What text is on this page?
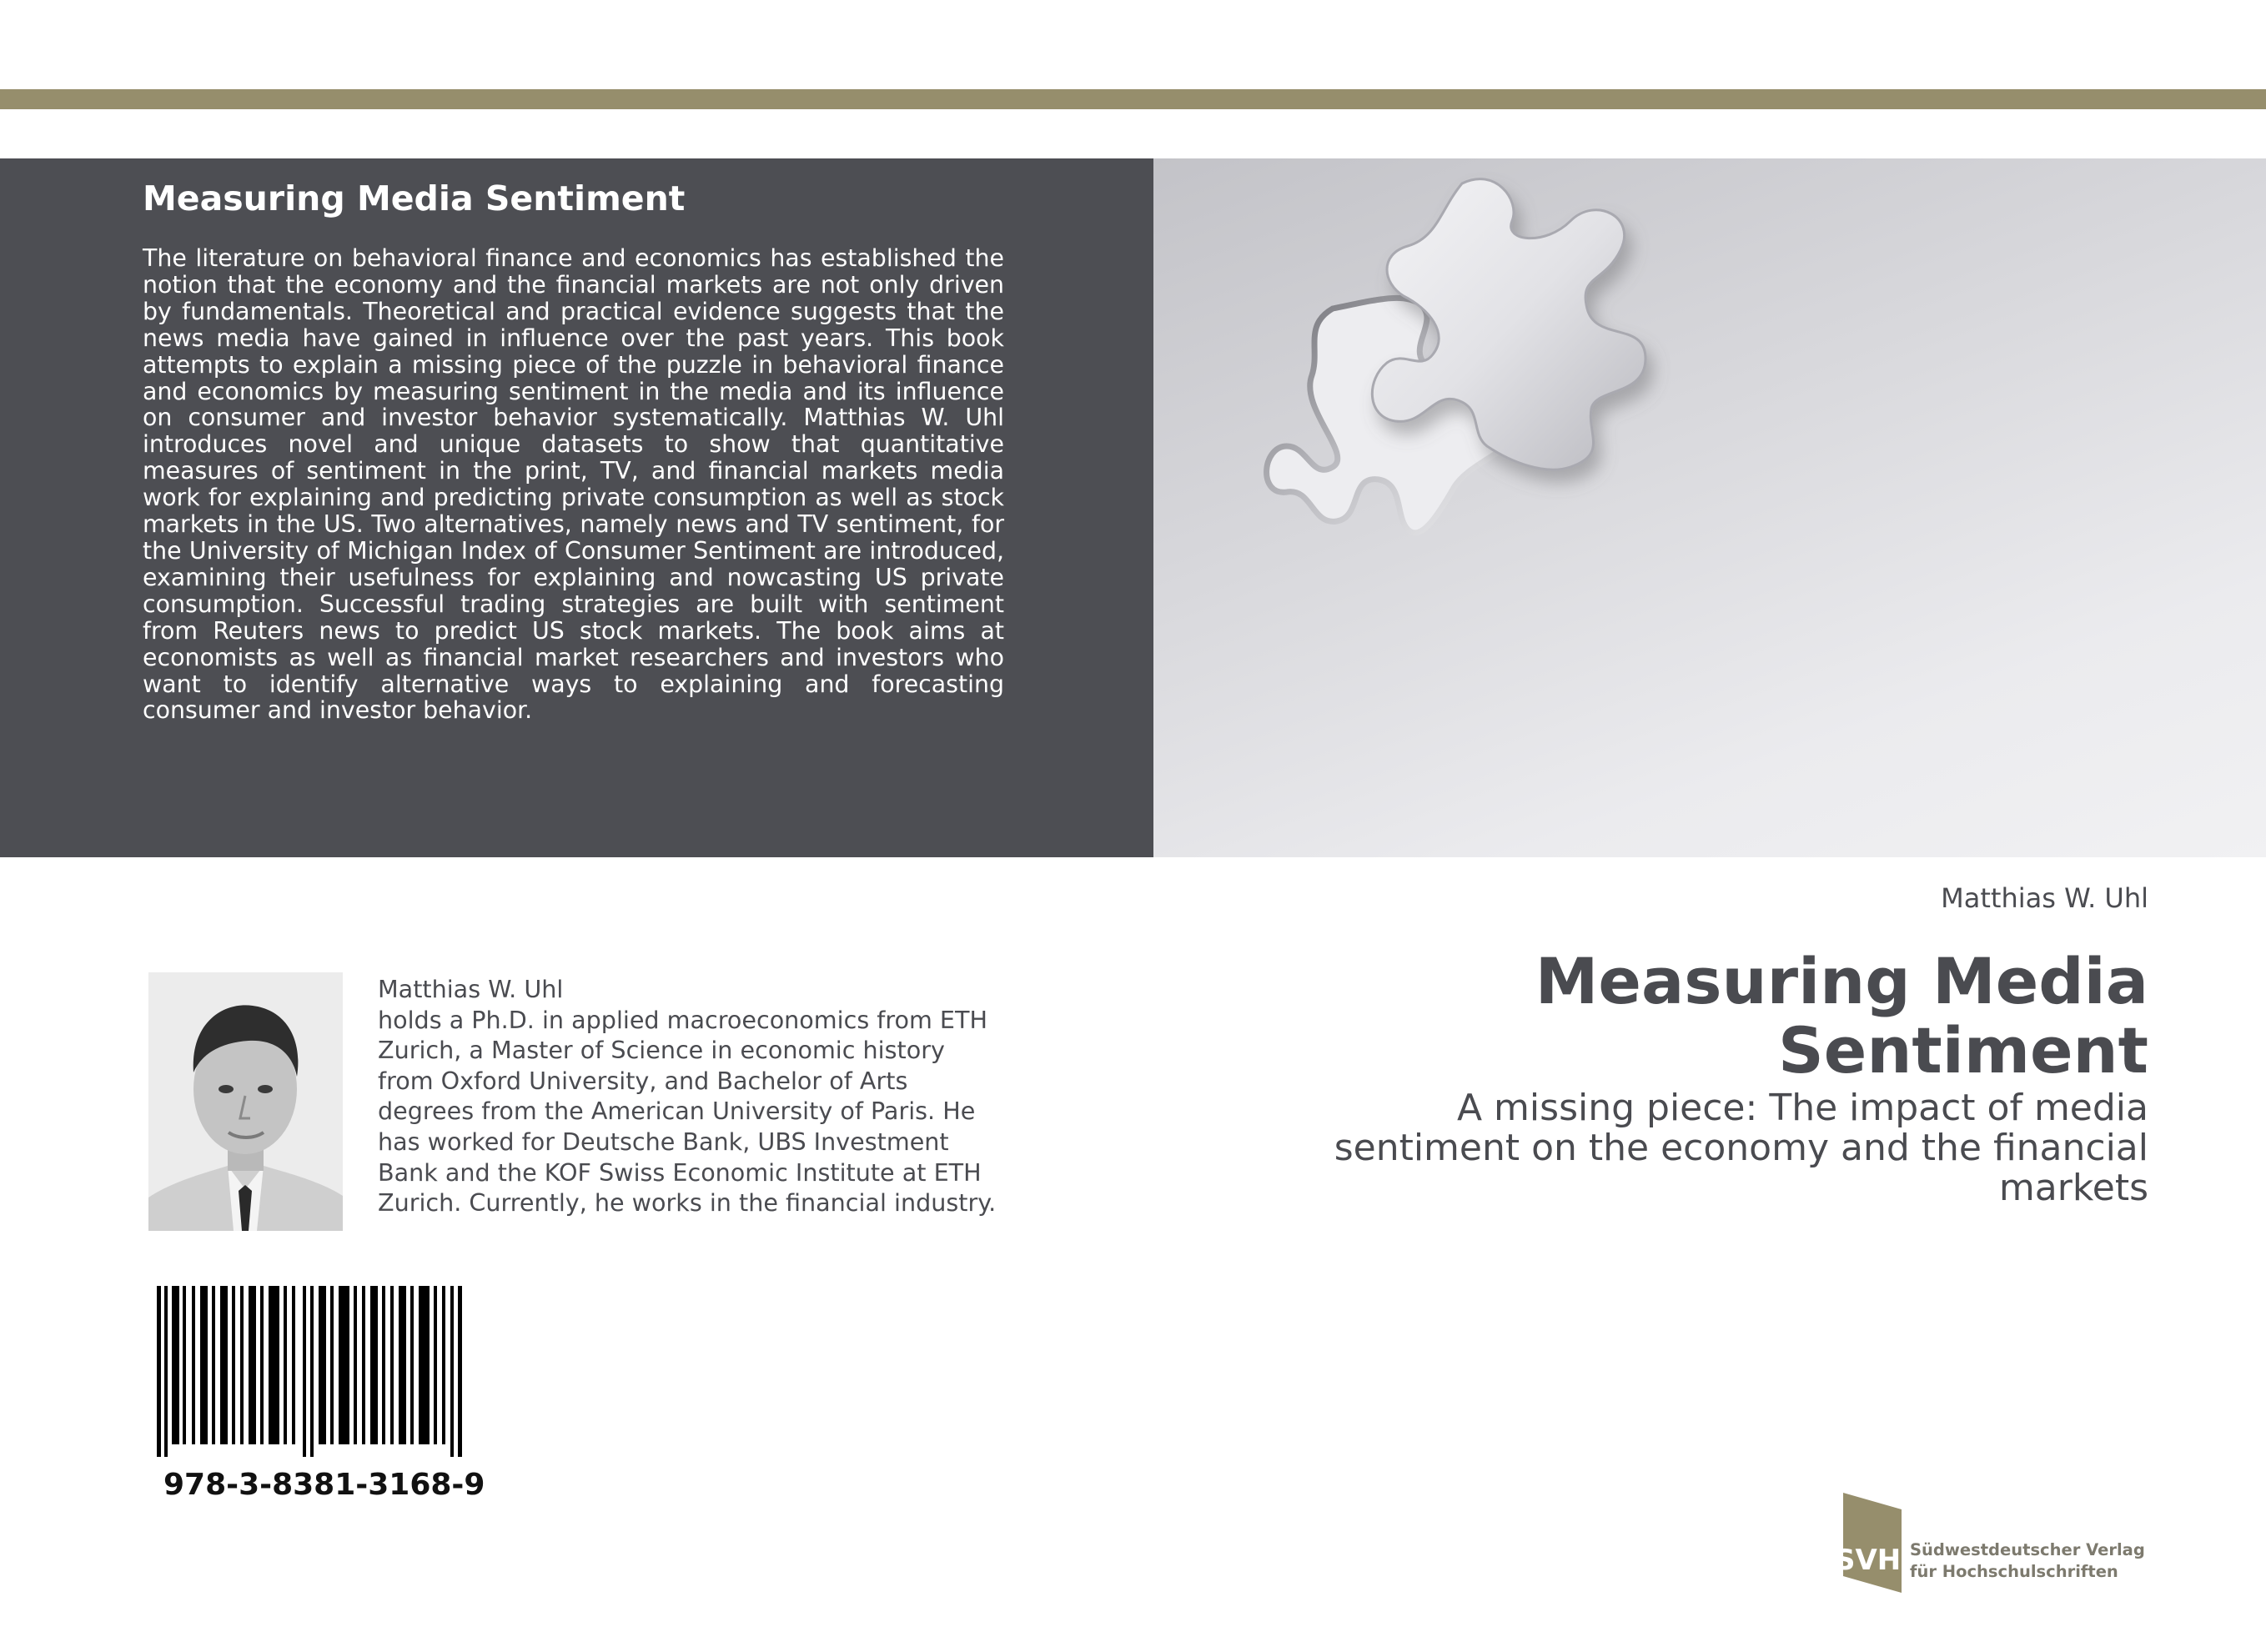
Measuring Media Sentiment
The literature on behavioral finance and economics has established the notion that the economy and the financial markets are not only driven by fundamentals. Theoretical and practical evidence suggests that the news media have gained in influence over the past years. This book attempts to explain a missing piece of the puzzle in behavioral finance and economics by measuring sentiment in the media and its influence on consumer and investor behavior systematically. Matthias W. Uhl introduces novel and unique datasets to show that quantitative measures of sentiment in the print, TV, and financial markets media work for explaining and predicting private consumption as well as stock markets in the US. Two alternatives, namely news and TV sentiment, for the University of Michigan Index of Consumer Sentiment are introduced, examining their usefulness for explaining and nowcasting US private consumption. Successful trading strategies are built with sentiment from Reuters news to predict US stock markets. The book aims at economists as well as financial market researchers and investors who want to identify alternative ways to explaining and forecasting consumer and investor behavior.
Matthias W. Uhl
Measuring Media
Sentiment
A missing piece: The impact of media sentiment on the economy and the financial markets
Matthias W. Uhl
holds a Ph.D. in applied macroeconomics from ETH Zurich, a Master of Science in economic history from Oxford University, and Bachelor of Arts degrees from the American University of Paris. He has worked for Deutsche Bank, UBS Investment Bank and the KOF Swiss Economic Institute at ETH Zurich. Currently, he works in the financial industry.
978-3-8381-3168-9
SVH Südwestdeutscher Verlag
für Hochschulschriften
